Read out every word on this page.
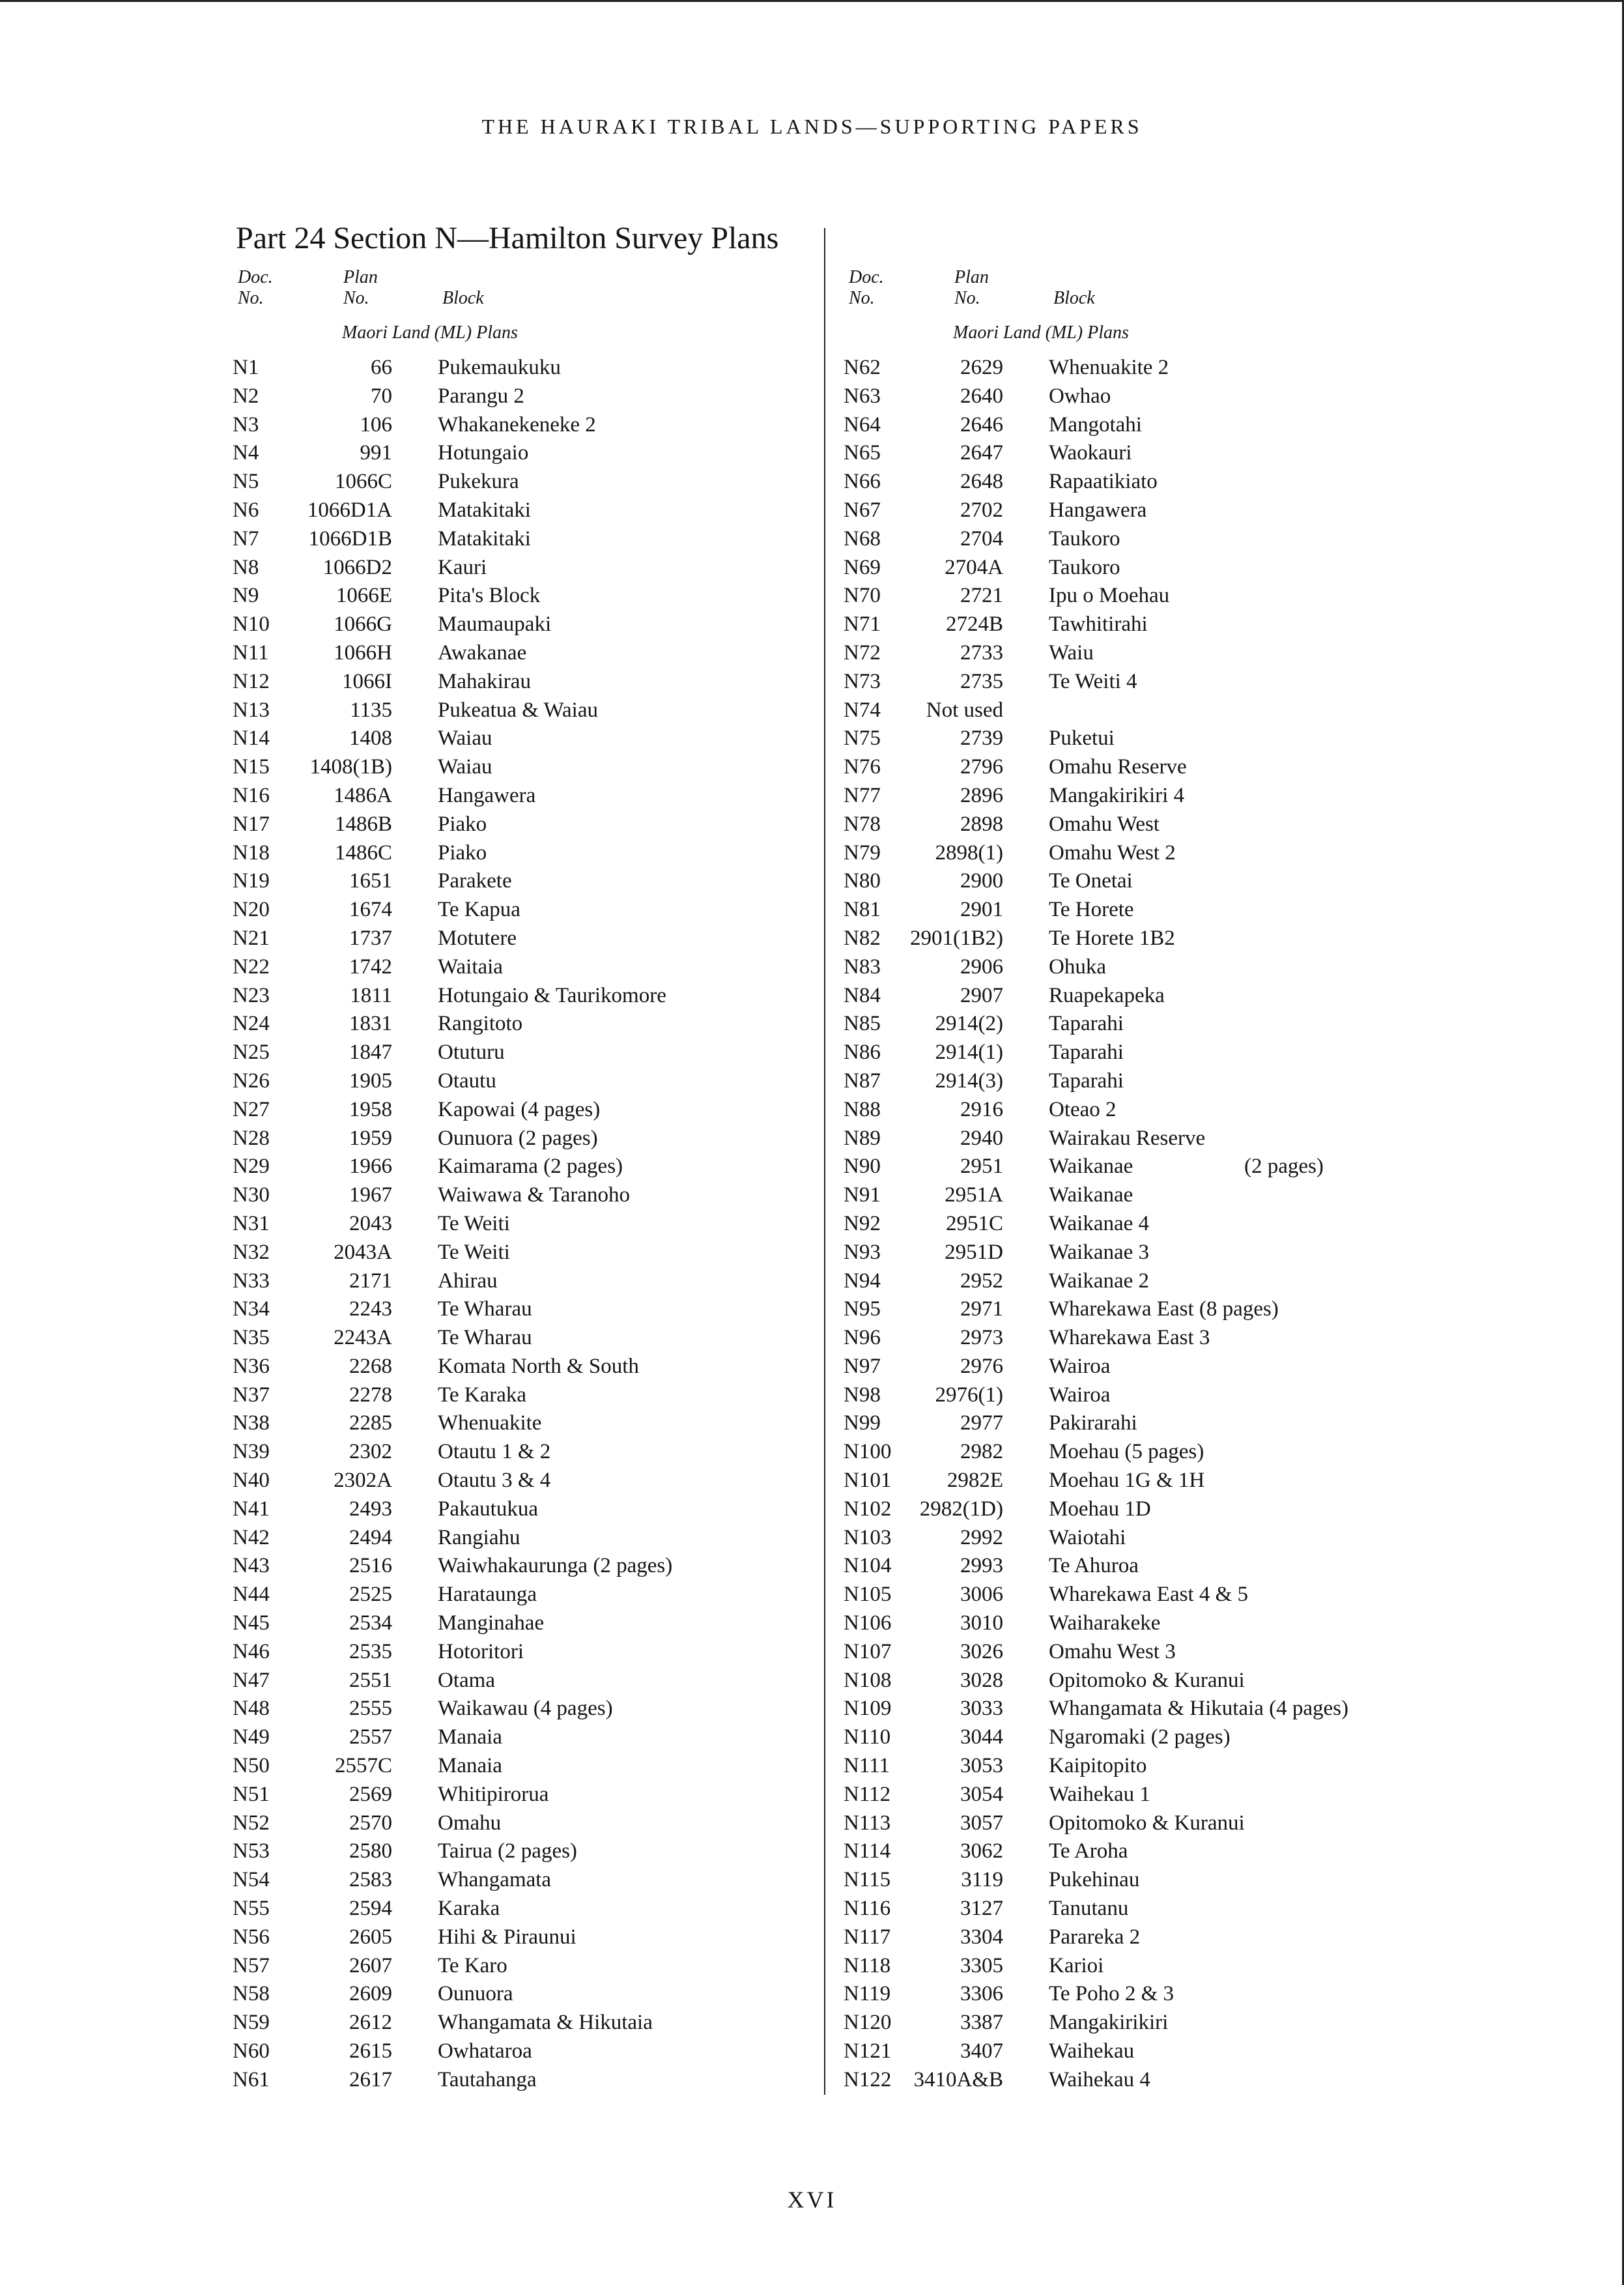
THE HAURAKI TRIBAL LANDS—SUPPORTING PAPERS
Part 24 Section N—Hamilton Survey Plans
Doc.
No.
Plan
No.	Block
Maori Land (ML) Plans
N1	66 Pukemaukuku
N2	70 Parangu 2
N3	106 Whakanekeneke 2
N4	991 Hotungaio
N5	1066C Pukekura
N6	1066D1A Matakitaki
N7	1066D1B Matakitaki
N8	1066D2 Kauri
N9	1066E Pita's Block
N10	1066G Maumaupaki
N11	1066H Awakanae
N12	1066I Mahakirau
N13	1135 Pukeatua & Waiau
N14	1408 Waiau
N15	1408(1B) Waiau
N16	1486A Hangawera
N17	1486B Piako
N18	1486C Piako
N19	1651 Parakete
N20	1674 Te Kapua
N21	1737 Motutere
N22	1742 Waitaia
N23	1811 Hotungaio & Taurikomore
N24	1831 Rangitoto
N25	1847 Otuturu
N26	1905 Otautu
N27	1958 Kapowai (4 pages)
N28	1959 Ounuora (2 pages)
N29	1966 Kaimarama (2 pages)
N30	1967 Waiwawa & Taranoho
N31	2043 Te Weiti
N32	2043A Te Weiti
N33	2171 Ahirau
N34	2243 Te Wharau
N35	2243A Te Wharau
N36	2268 Komata North & South
N37	2278 Te Karaka
N38	2285 Whenuakite
N39	2302 Otautu 1 & 2
N40	2302A Otautu 3 & 4
N41	2493 Pakautukua
N42	2494 Rangiahu
N43	2516 Waiwhakaurunga (2 pages)
N44	2525 Harataunga
N45	2534 Manginahae
N46	2535 Hotoritori
N47	2551 Otama
N48	2555 Waikawau (4 pages)
N49	2557 Manaia
N50	2557C Manaia
N51	2569 Whitipirorua
N52	2570 Omahu
N53	2580 Tairua (2 pages)
N54	2583 Whangamata
N55	2594 Karaka
N56	2605 Hihi & Piraunui
N57	2607 Te Karo
N58	2609 Ounuora
N59	2612 Whangamata & Hikutaia
N60	2615 Owhataroa
N61	2617 Tautahanga
Doc.
No.
Plan
No.	Block
Maori Land (ML) Plans
N62	2629 Whenuakite 2
N63	2640 Owhao
N64	2646 Mangotahi
N65	2647 Waokauri
N66	2648 Rapaatikiato
N67	2702 Hangawera
N68	2704 Taukoro
N69	2704A Taukoro
N70	2721 Ipu o Moehau
N71	2724B Tawhitirahi
N72	2733 Waiu
N73	2735 Te Weiti 4
N74	Not used
N75	2739 Puketui
N76	2796 Omahu Reserve
N77	2896 Mangakirikiri 4
N78	2898 Omahu West
N79	2898(1) Omahu West 2
N80	2900 Te Onetai
N81	2901 Te Horete
N82	2901(1B2) Te Horete 1B2
N83	2906 Ohuka
N84	2907 Ruapekapeka
N85	2914(2) Taparahi
N86	2914(1) Taparahi
N87	2914(3) Taparahi
N88	2916 Oteao 2
N89	2940 Wairakau Reserve
N90	2951 Waikanae	(2 pages)
N91	2951A Waikanae
N92	2951C Waikanae 4
N93	2951D Waikanae 3
N94	2952 Waikanae 2
N95	2971 Wharekawa East (8 pages)
N96	2973 Wharekawa East 3
N97	2976 Wairoa
N98	2976(1) Wairoa
N99	2977 Pakirarahi
N100	2982 Moehau (5 pages)
N101	2982E Moehau 1G & 1H
N102	2982(1D) Moehau 1D
N103	2992 Waiotahi
N104	2993 Te Ahuroa
N105	3006 Wharekawa East 4 & 5
N106	3010 Waiharakeke
N107	3026 Omahu West 3
N108	3028 Opitomoko & Kuranui
N109	3033 Whangamata & Hikutaia (4 pages)
N110	3044 Ngaromaki (2 pages)
N111	3053 Kaipitopito
N112	3054 Waihekau 1
N113	3057 Opitomoko & Kuranui
N114	3062 Te Aroha
N115	3119 Pukehinau
N116	3127 Tanutanu
N117	3304 Parareka 2
N118	3305 Karioi
N119	3306 Te Poho 2 & 3
N120	3387 Mangakirikiri
N121	3407 Waihekau
N122	3410A&B Waihekau 4
XVI
